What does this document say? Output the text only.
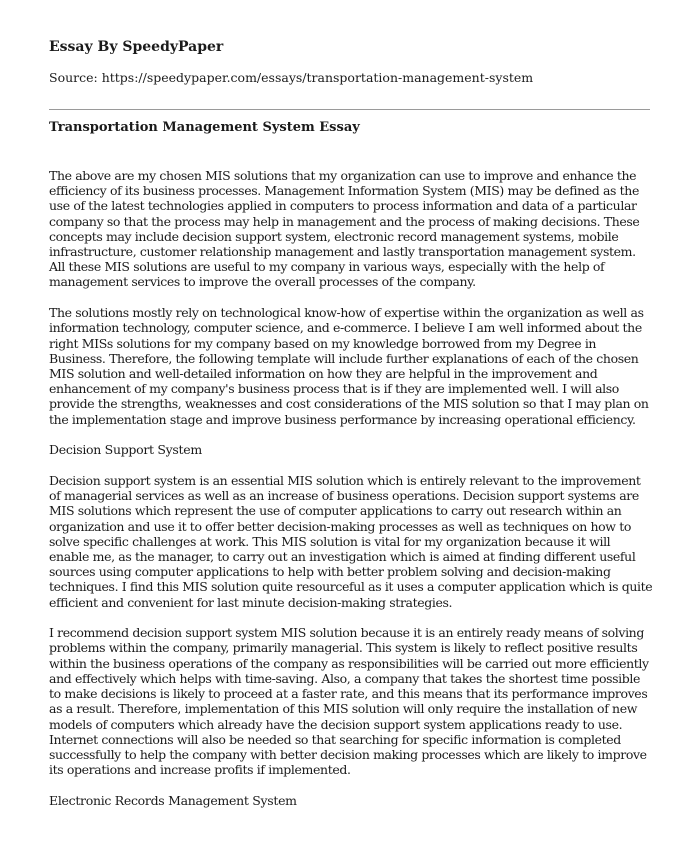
Essay By SpeedyPaper
Source: https://speedypaper.com/essays/transportation-management-system
Transportation Management System Essay

The above are my chosen MIS solutions that my organization can use to improve and enhance the efficiency of its business processes. Management Information System (MIS) may be defined as the use of the latest technologies applied in computers to process information and data of a particular company so that the process may help in management and the process of making decisions. These concepts may include decision support system, electronic record management systems, mobile infrastructure, customer relationship management and lastly transportation management system. All these MIS solutions are useful to my company in various ways, especially with the help of management services to improve the overall processes of the company.

The solutions mostly rely on technological know-how of expertise within the organization as well as information technology, computer science, and e-commerce. I believe I am well informed about the right MISs solutions for my company based on my knowledge borrowed from my Degree in Business. Therefore, the following template will include further explanations of each of the chosen MIS solution and well-detailed information on how they are helpful in the improvement and enhancement of my company's business process that is if they are implemented well. I will also provide the strengths, weaknesses and cost considerations of the MIS solution so that I may plan on the implementation stage and improve business performance by increasing operational efficiency.

Decision Support System

Decision support system is an essential MIS solution which is entirely relevant to the improvement of managerial services as well as an increase of business operations. Decision support systems are MIS solutions which represent the use of computer applications to carry out research within an organization and use it to offer better decision-making processes as well as techniques on how to solve specific challenges at work. This MIS solution is vital for my organization because it will enable me, as the manager, to carry out an investigation which is aimed at finding different useful sources using computer applications to help with better problem solving and decision-making techniques. I find this MIS solution quite resourceful as it uses a computer application which is quite efficient and convenient for last minute decision-making strategies.

I recommend decision support system MIS solution because it is an entirely ready means of solving problems within the company, primarily managerial. This system is likely to reflect positive results within the business operations of the company as responsibilities will be carried out more efficiently and effectively which helps with time-saving. Also, a company that takes the shortest time possible to make decisions is likely to proceed at a faster rate, and this means that its performance improves as a result. Therefore, implementation of this MIS solution will only require the installation of new models of computers which already have the decision support system applications ready to use. Internet connections will also be needed so that searching for specific information is completed successfully to help the company with better decision making processes which are likely to improve its operations and increase profits if implemented.

Electronic Records Management System
